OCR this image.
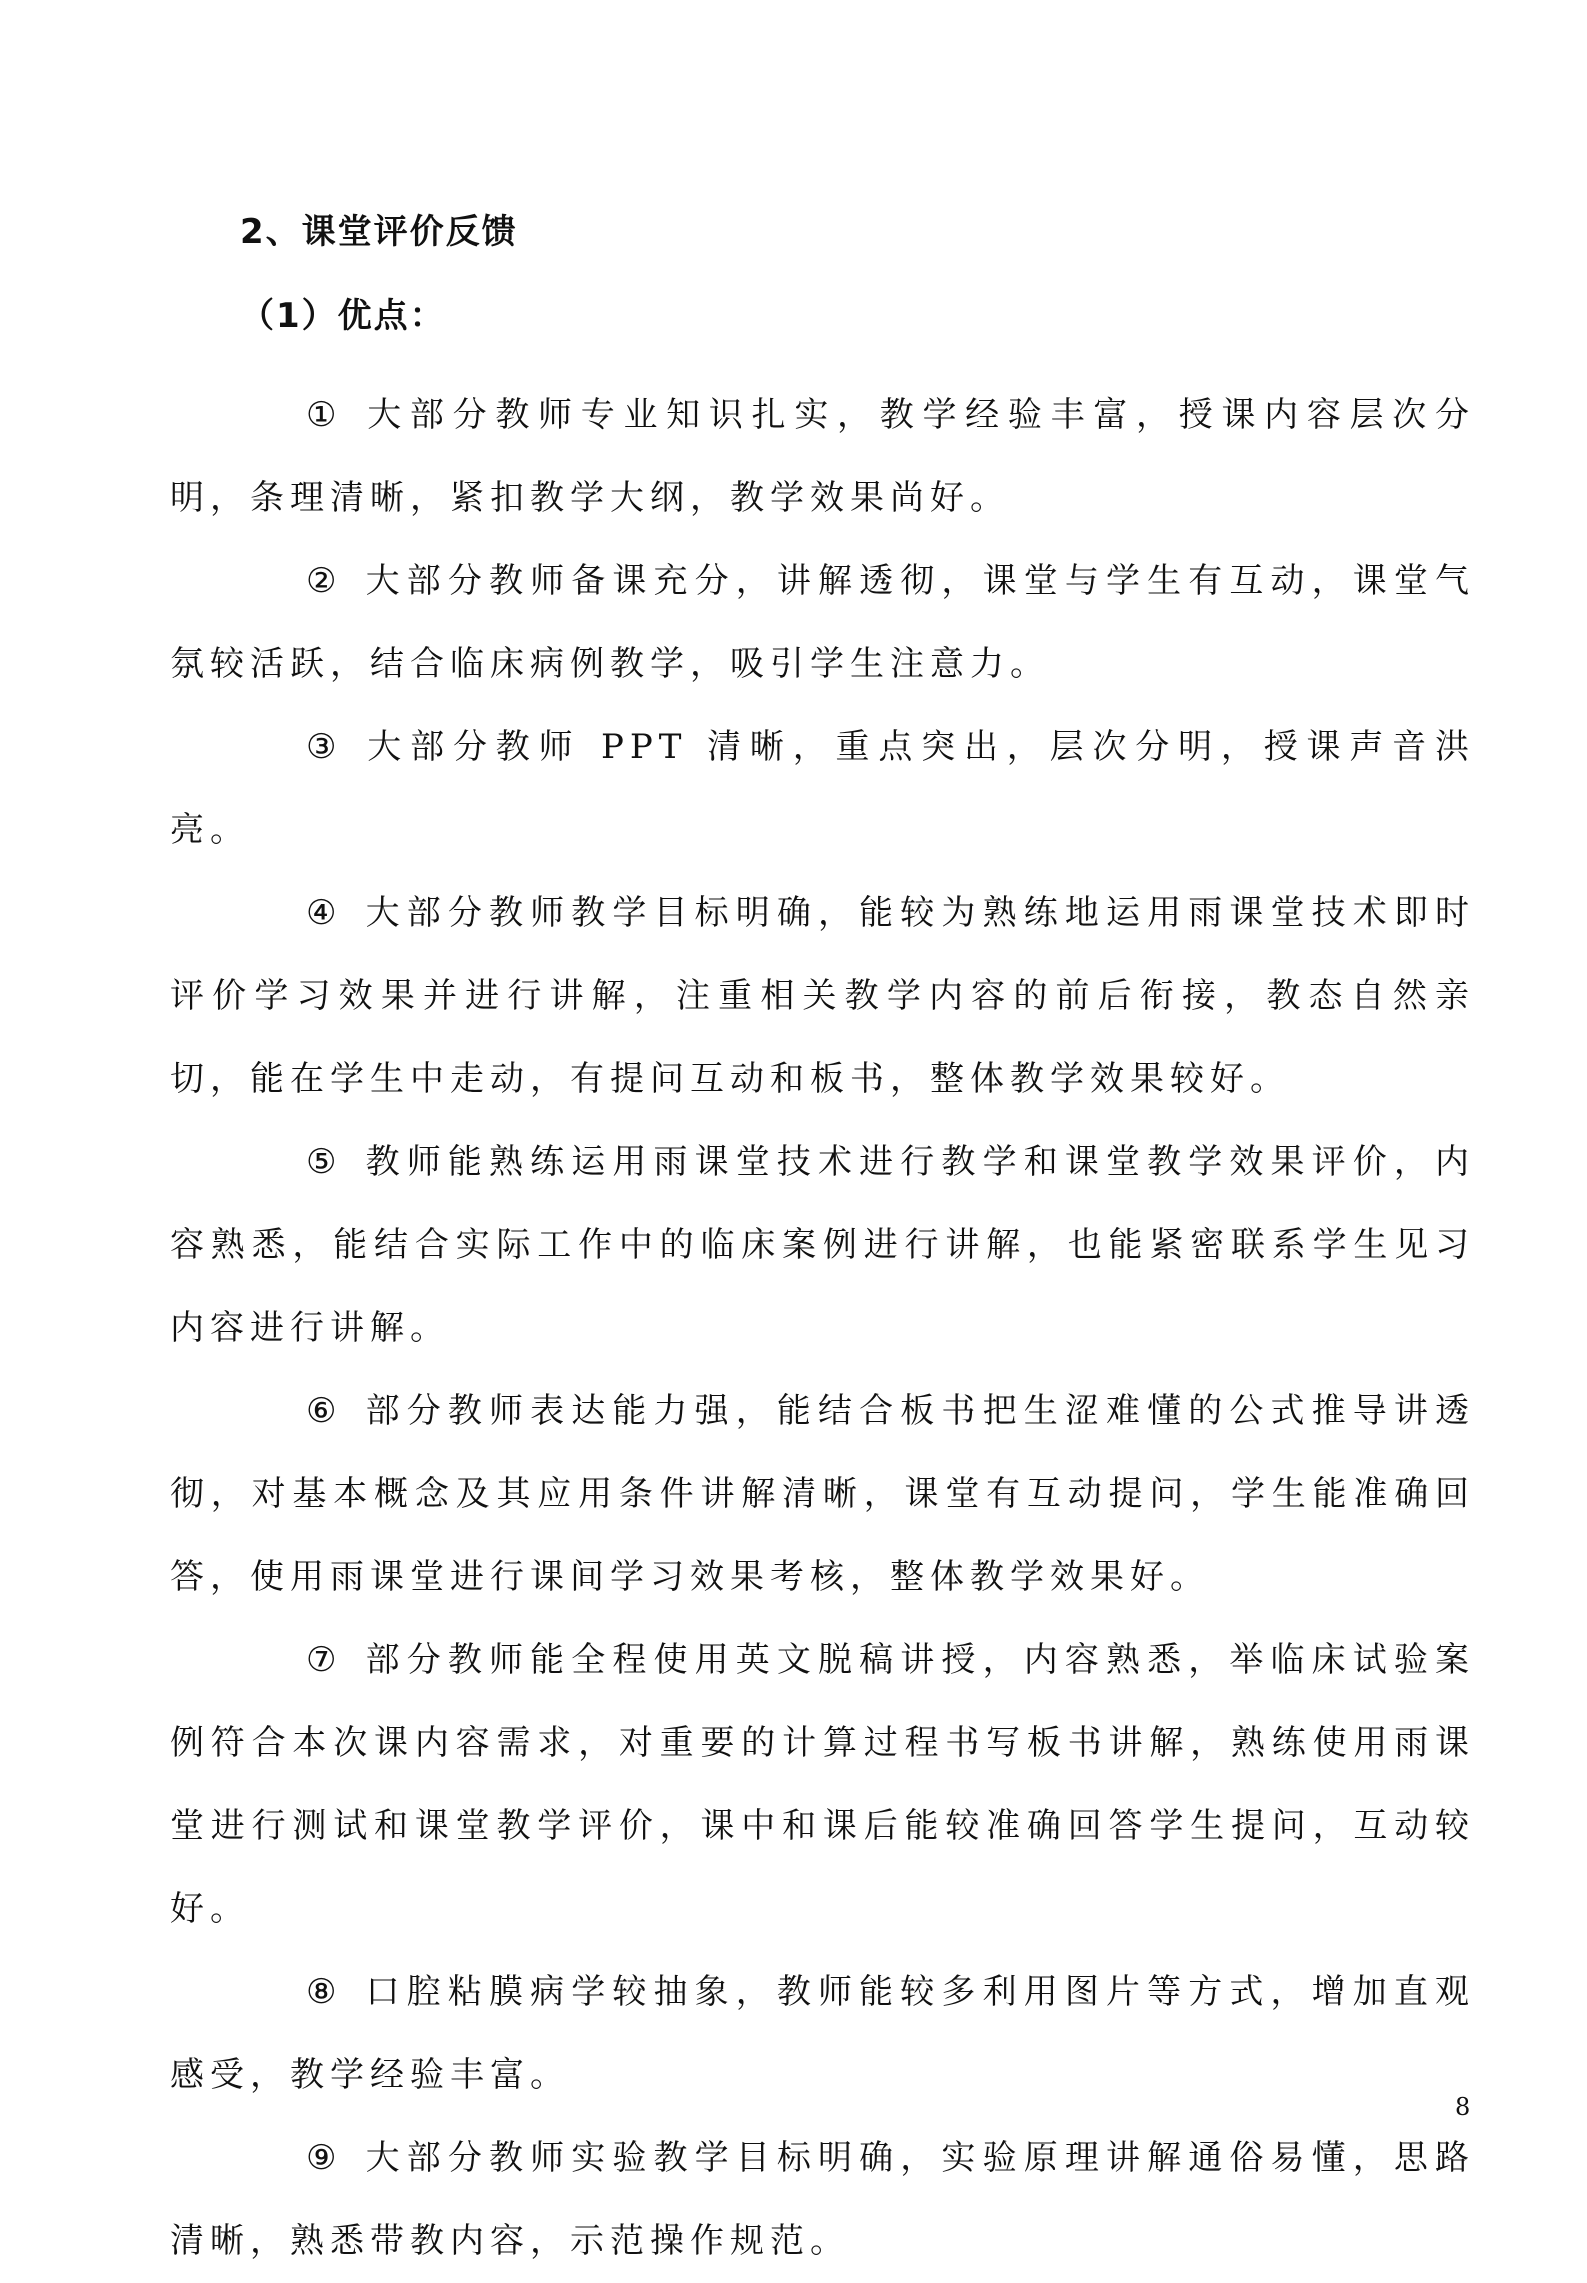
2、课堂评价反馈
（1）优点：

① 大部分教师专业知识扎实，教学经验丰富，授课内容层次分明，条理清晰，紧扣教学大纲，教学效果尚好。

② 大部分教师备课充分，讲解透彻，课堂与学生有互动，课堂气氛较活跃，结合临床病例教学，吸引学生注意力。

③ 大部分教师 PPT 清晰，重点突出，层次分明，授课声音洪亮。

④ 大部分教师教学目标明确，能较为熟练地运用雨课堂技术即时评价学习效果并进行讲解，注重相关教学内容的前后衔接，教态自然亲切，能在学生中走动，有提问互动和板书，整体教学效果较好。

⑤ 教师能熟练运用雨课堂技术进行教学和课堂教学效果评价，内容熟悉，能结合实际工作中的临床案例进行讲解，也能紧密联系学生见习内容进行讲解。

⑥ 部分教师表达能力强，能结合板书把生涩难懂的公式推导讲透彻，对基本概念及其应用条件讲解清晰，课堂有互动提问，学生能准确回答，使用雨课堂进行课间学习效果考核，整体教学效果好。

⑦ 部分教师能全程使用英文脱稿讲授，内容熟悉，举临床试验案例符合本次课内容需求，对重要的计算过程书写板书讲解，熟练使用雨课堂进行测试和课堂教学评价，课中和课后能较准确回答学生提问，互动较好。

⑧ 口腔粘膜病学较抽象，教师能较多利用图片等方式，增加直观感受，教学经验丰富。

⑨ 大部分教师实验教学目标明确，实验原理讲解通俗易懂，思路清晰，熟悉带教内容，示范操作规范。

8
